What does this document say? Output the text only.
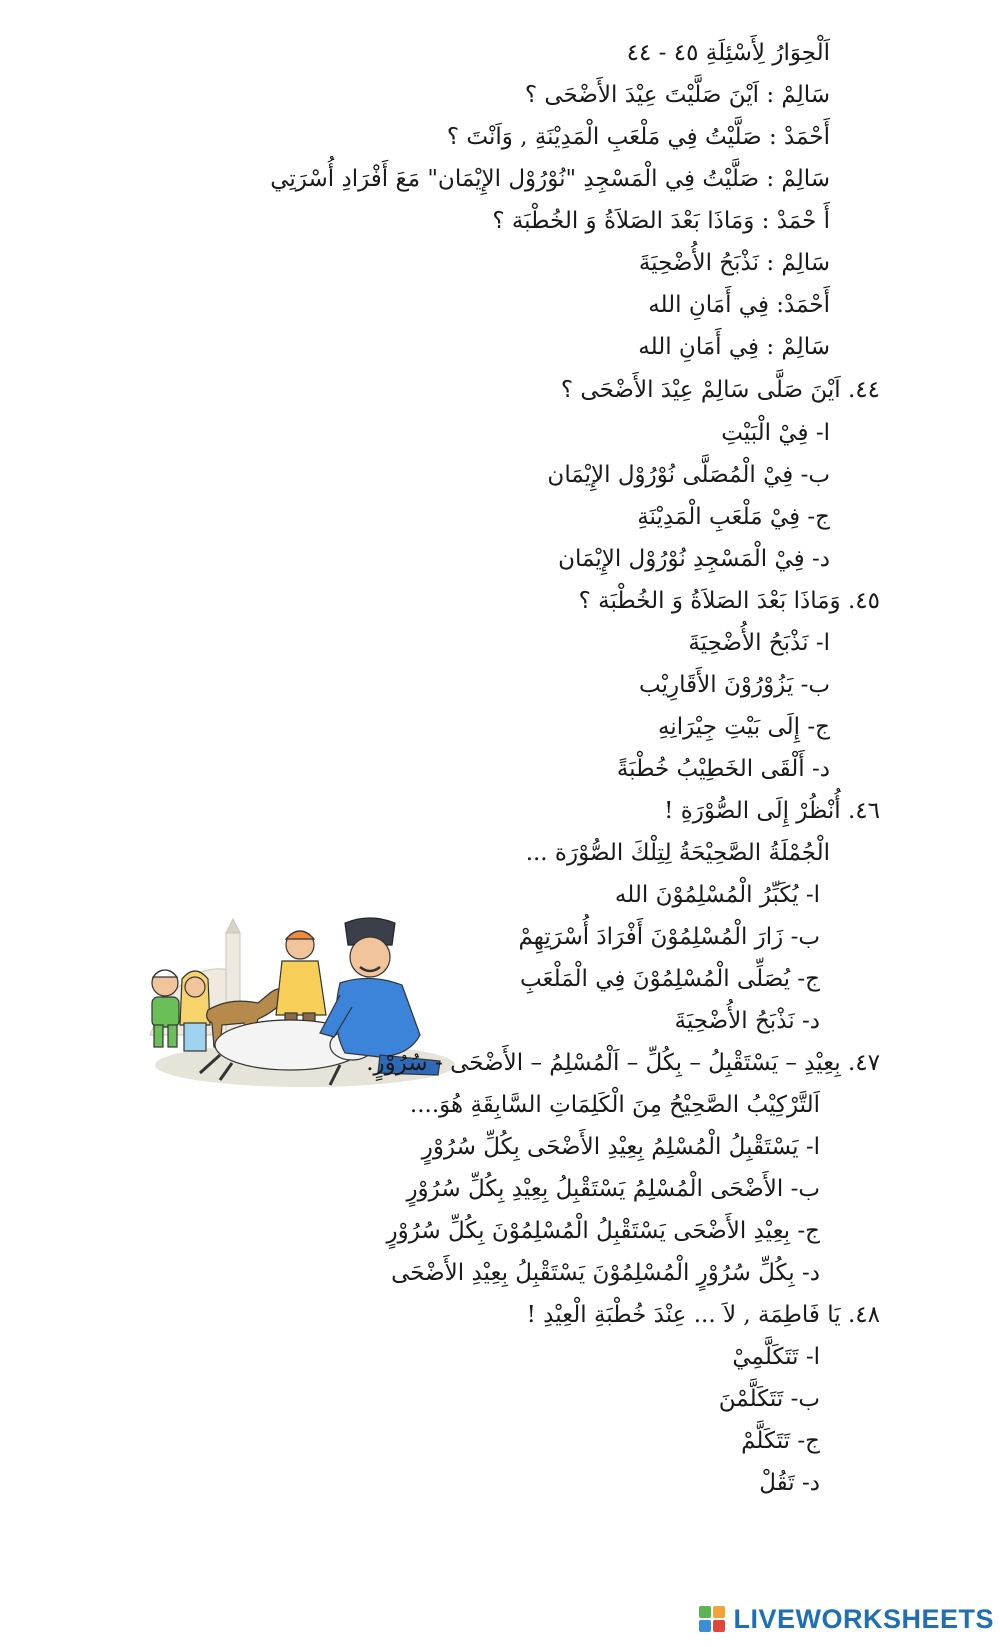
اَلْحِوَارُ لِأَسْئِلَةِ ٤٥ - ٤٤
سَالِمْ : اَيْنَ صَلَّيْتَ عِيْدَ الأَضْحَى ؟
أَحْمَدْ : صَلَّيْتُ فِي مَلْعَبِ الْمَدِيْنَةِ , وَاَنْتَ ؟
سَالِمْ : صَلَّيْتُ فِي الْمَسْجِدِ "نُوْرُوْل الإِيْمَان" مَعَ أَفْرَادِ أُسْرَتِي
أَ حْمَدْ : وَمَاذَا بَعْدَ الصَلاَةُ وَ الخُطْبَة ؟
سَالِمْ : نَذْبَحُ الأُضْحِيَةَ
أَحْمَدْ: فِي أَمَانِ الله
سَالِمْ : فِي أَمَانِ الله
٤٤. اَيْنَ صَلَّى سَالِمْ عِيْدَ الأَضْحَى ؟
ا- فِيْ الْبَيْتِ
ب- فِيْ الْمُصَلَّى نُوْرُوْل الإِيْمَان
ج- فِيْ مَلْعَبِ الْمَدِيْنَةِ
د- فِيْ الْمَسْجِدِ نُوْرُوْل الإِيْمَان
٤٥. وَمَاذَا بَعْدَ الصَلاَةُ وَ الخُطْبَة ؟
ا- نَذْبَحُ الأُضْحِيَةَ
ب- يَزُوْرُوْنَ الأَقَارِيْب
ج- إِلَى بَيْتِ جِيْرَانِهِ
د- أَلْقَى الخَطِيْبُ خُطْبَةً
٤٦. أُنْظُرْ إِلَى الصُّوْرَةِ !
الْجُمْلَةُ الصَّحِيْحَةُ لِتِلْكَ الصُّوْرَة ...
ا- يُكَبِّرُ الْمُسْلِمُوْنَ الله
ب- زَارَ الْمُسْلِمُوْنَ أَفْرَادَ أُسْرَتِهِمْ
ج- يُصَلِّى الْمُسْلِمُوْنَ فِي الْمَلْعَبِ
د- نَذْبَحُ الأُضْحِيَةَ
٤٧. بِعِيْدِ – يَسْتَقْبِلُ – بِكُلِّ – اَلْمُسْلِمُ – الأَضْحَى - سُرُوْرٍ.
اَلتَّرْكِيْبُ الصَّحِيْحُ مِنَ الْكَلِمَاتِ السَّابِقَةِ هُوَ....
ا- يَسْتَقْبِلُ الْمُسْلِمُ بِعِيْدِ الأَضْحَى بِكُلِّ سُرُوْرٍ
ب- الأَضْحَى الْمُسْلِمُ يَسْتَقْبِلُ بِعِيْدِ بِكُلِّ سُرُوْرٍ
ج- بِعِيْدِ الأَضْحَى يَسْتَقْبِلُ الْمُسْلِمُوْنَ بِكُلِّ سُرُوْرٍ
د- بِكُلِّ سُرُوْرٍ الْمُسْلِمُوْنَ يَسْتَقْبِلُ بِعِيْدِ الأَضْحَى
٤٨. يَا فَاطِمَة , لاَ ... عِنْدَ خُطْبَةِ الْعِيْدِ !
ا- تَتَكَلَّمِيْ
ب- تَتَكَلَّمْنَ
ج- تَتَكَلَّمْ
د- تَقُلْ
LIVEWORKSHEETS
